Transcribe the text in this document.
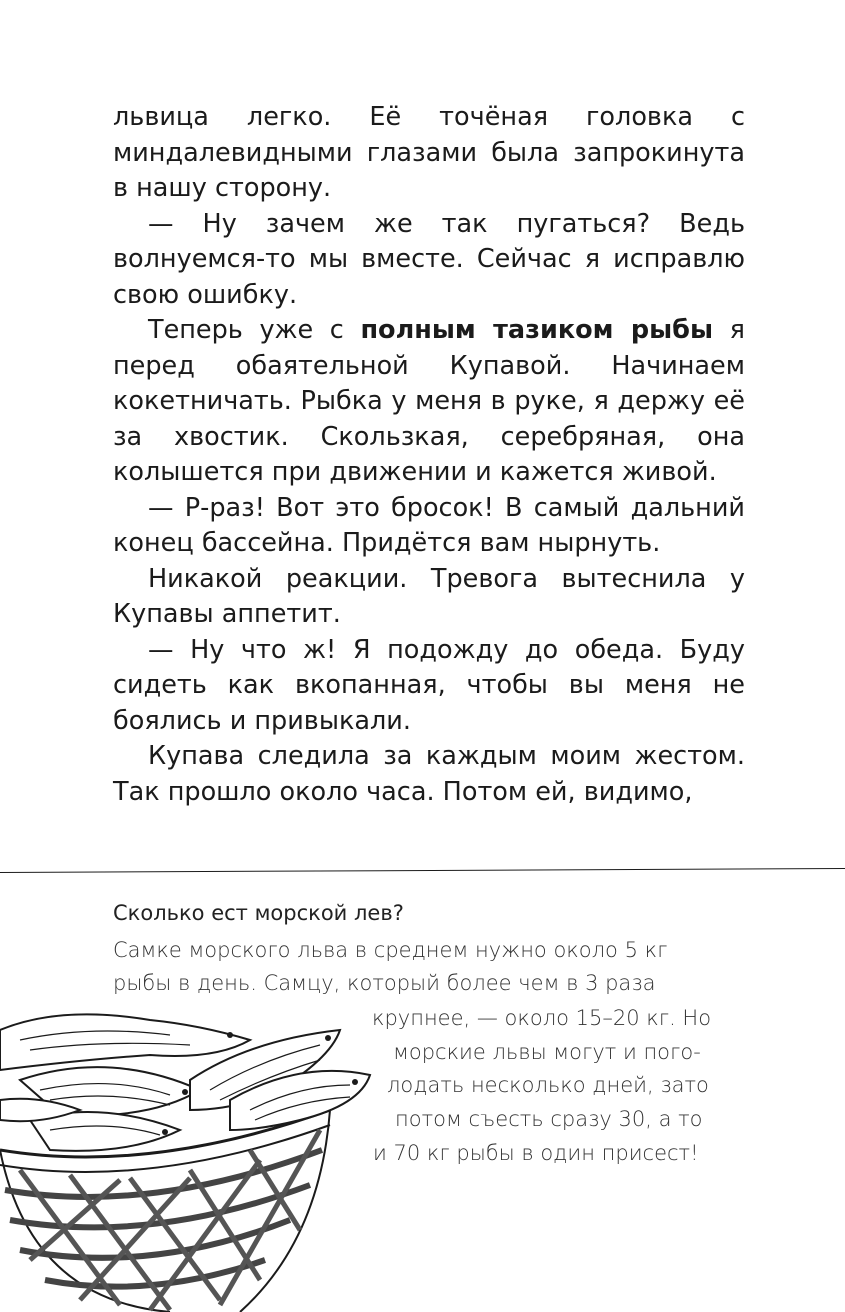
львица легко. Её точёная головка с миндалевидными глазами была запрокинута в нашу сторону.

— Ну зачем же так пугаться? Ведь волнуемся-то мы вместе. Сейчас я исправлю свою ошибку.

Теперь уже с полным тазиком рыбы я перед обаятельной Купавой. Начинаем кокетничать. Рыбка у меня в руке, я держу её за хвостик. Скользкая, серебряная, она колышется при движении и кажется живой.

— Р-раз! Вот это бросок! В самый дальний конец бассейна. Придётся вам нырнуть.

Никакой реакции. Тревога вытеснила у Купавы аппетит.

— Ну что ж! Я подожду до обеда. Буду сидеть как вкопанная, чтобы вы меня не боялись и привыкали.

Купава следила за каждым моим жестом. Так прошло около часа. Потом ей, видимо,

Сколько ест морской лев?
Самке морского льва в среднем нужно около 5 кг
рыбы в день. Самцу, который более чем в 3 раза
крупнее, — около 15–20 кг. Но
морские львы могут и пого-
лодать несколько дней, зато
потом съесть сразу 30, а то
и 70 кг рыбы в один присест!
